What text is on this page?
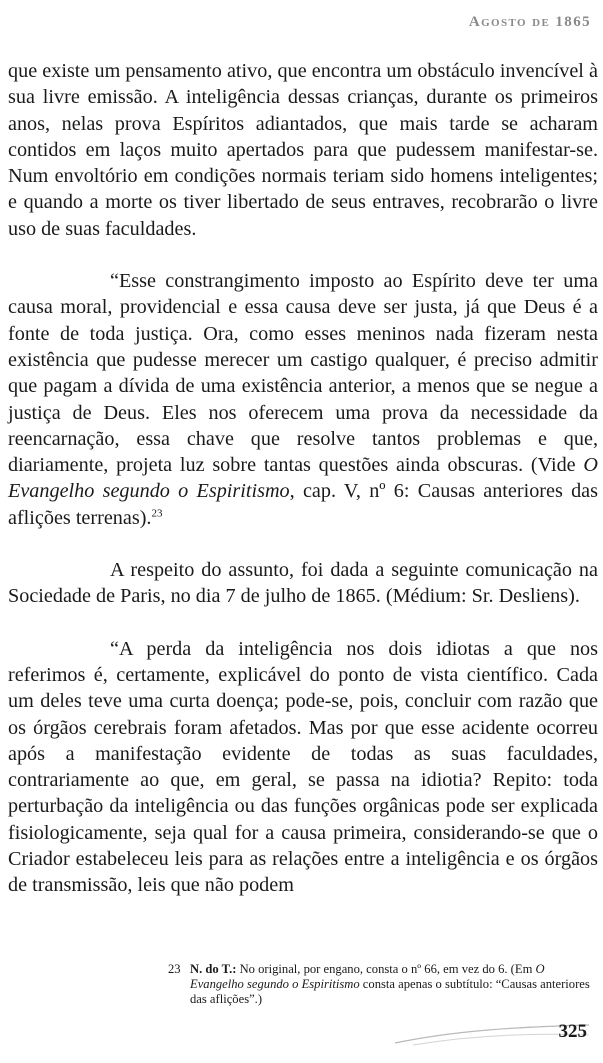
Agosto de 1865

que existe um pensamento ativo, que encontra um obstáculo invencível à sua livre emissão. A inteligência dessas crianças, durante os primeiros anos, nelas prova Espíritos adiantados, que mais tarde se acharam contidos em laços muito apertados para que pudessem manifestar-se. Num envoltório em condições normais teriam sido homens inteligentes; e quando a morte os tiver libertado de seus entraves, recobrarão o livre uso de suas faculdades.

“Esse constrangimento imposto ao Espírito deve ter uma causa moral, providencial e essa causa deve ser justa, já que Deus é a fonte de toda justiça. Ora, como esses meninos nada fizeram nesta existência que pudesse merecer um castigo qualquer, é preciso admitir que pagam a dívida de uma existência anterior, a menos que se negue a justiça de Deus. Eles nos oferecem uma prova da necessidade da reencarnação, essa chave que resolve tantos problemas e que, diariamente, projeta luz sobre tantas questões ainda obscuras. (Vide O Evangelho segundo o Espiritismo, cap. V, nº 6: Causas anteriores das aflições terrenas).$^{23}$

A respeito do assunto, foi dada a seguinte comunicação na Sociedade de Paris, no dia 7 de julho de 1865. (Médium: Sr. Desliens).

“A perda da inteligência nos dois idiotas a que nos referimos é, certamente, explicável do ponto de vista científico. Cada um deles teve uma curta doença; pode-se, pois, concluir com razão que os órgãos cerebrais foram afetados. Mas por que esse acidente ocorreu após a manifestação evidente de todas as suas faculdades, contrariamente ao que, em geral, se passa na idiotia? Repito: toda perturbação da inteligência ou das funções orgânicas pode ser explicada fisiologicamente, seja qual for a causa primeira, considerando-se que o Criador estabeleceu leis para as relações entre a inteligência e os órgãos de transmissão, leis que não podem

23 N. do T.: No original, por engano, consta o nº 66, em vez do 6. (Em O Evangelho segundo o Espiritismo consta apenas o subtítulo: “Causas anteriores das aflições”.)
325
